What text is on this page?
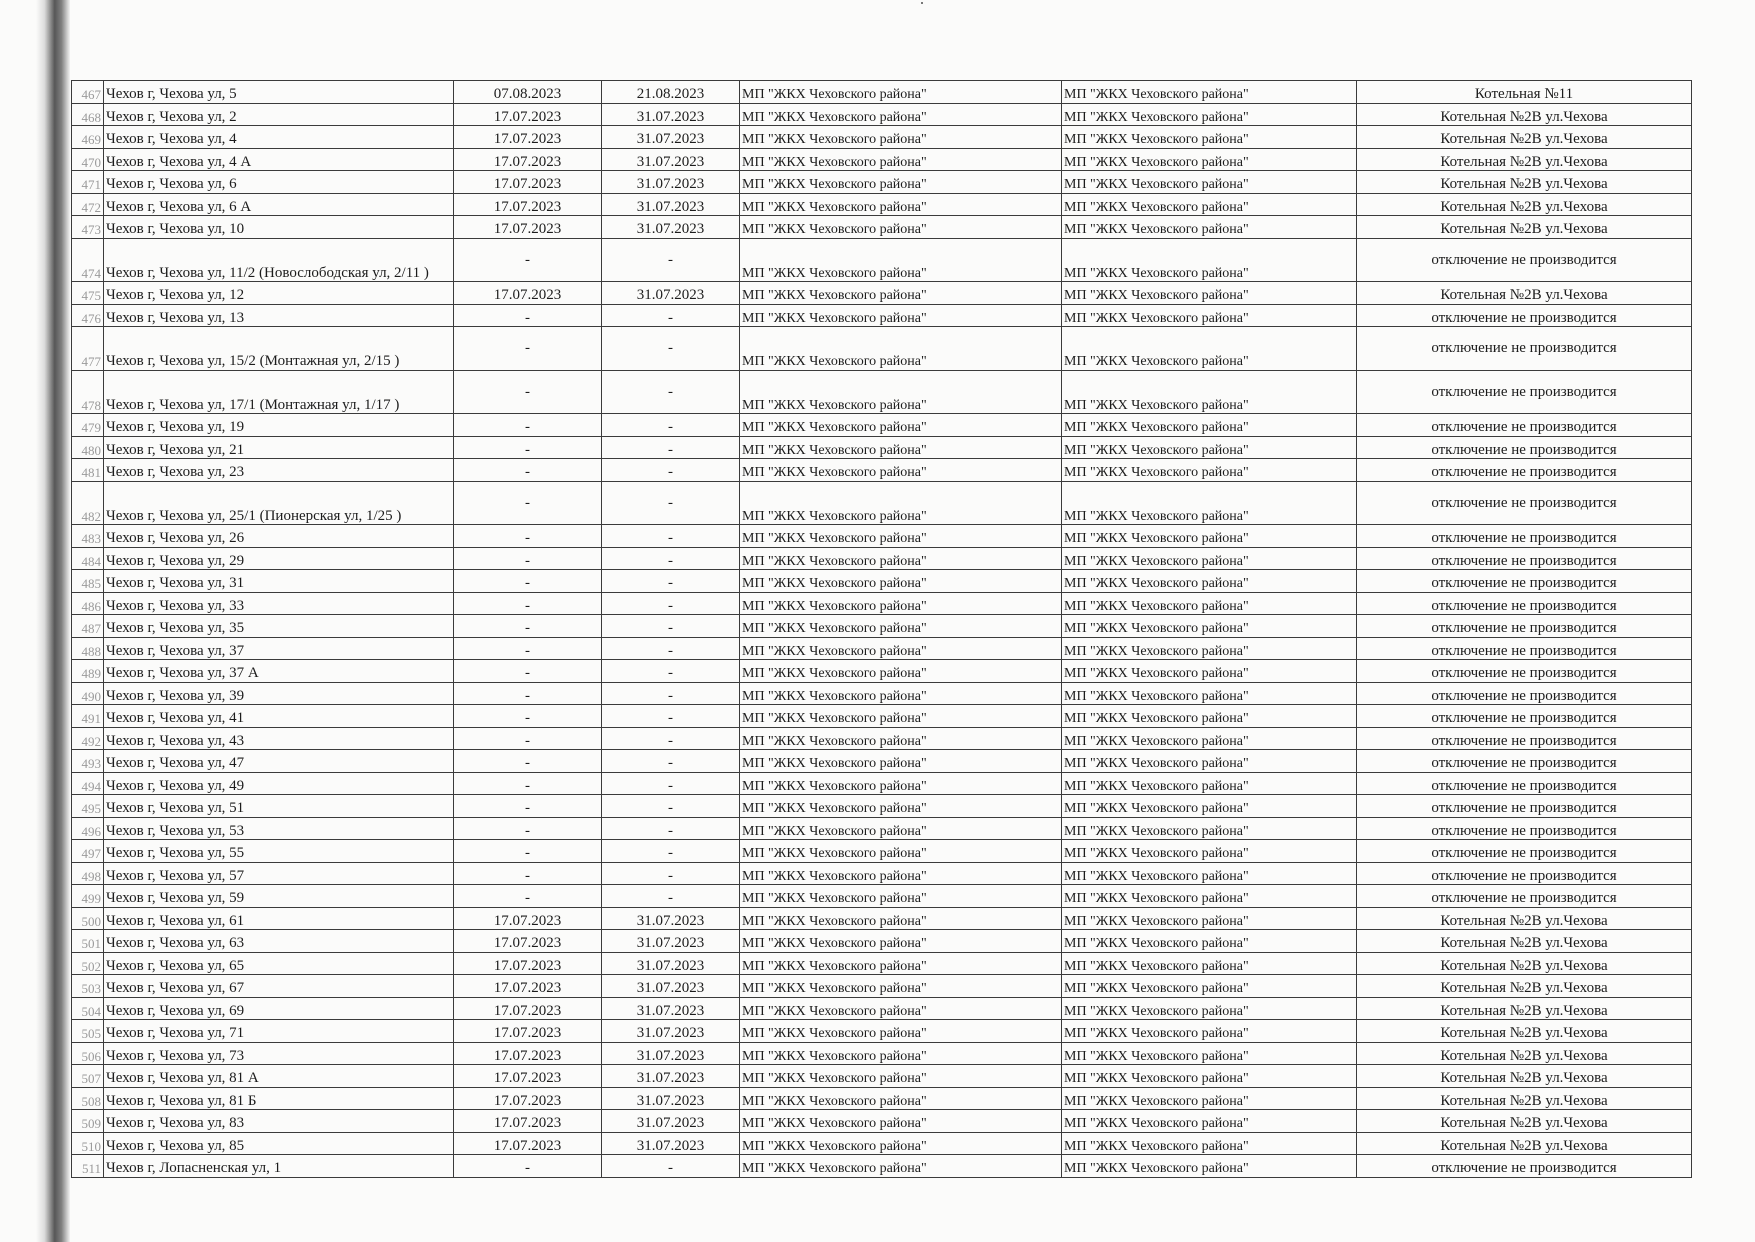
467	Чехов г, Чехова ул, 5	07.08.2023	21.08.2023	МП "ЖКХ Чеховского района"	МП "ЖКХ Чеховского района"	Котельная №11
468	Чехов г, Чехова ул, 2	17.07.2023	31.07.2023	МП "ЖКХ Чеховского района"	МП "ЖКХ Чеховского района"	Котельная №2В ул.Чехова
469	Чехов г, Чехова ул, 4	17.07.2023	31.07.2023	МП "ЖКХ Чеховского района"	МП "ЖКХ Чеховского района"	Котельная №2В ул.Чехова
470	Чехов г, Чехова ул, 4 А	17.07.2023	31.07.2023	МП "ЖКХ Чеховского района"	МП "ЖКХ Чеховского района"	Котельная №2В ул.Чехова
471	Чехов г, Чехова ул, 6	17.07.2023	31.07.2023	МП "ЖКХ Чеховского района"	МП "ЖКХ Чеховского района"	Котельная №2В ул.Чехова
472	Чехов г, Чехова ул, 6 А	17.07.2023	31.07.2023	МП "ЖКХ Чеховского района"	МП "ЖКХ Чеховского района"	Котельная №2В ул.Чехова
473	Чехов г, Чехова ул, 10	17.07.2023	31.07.2023	МП "ЖКХ Чеховского района"	МП "ЖКХ Чеховского района"	Котельная №2В ул.Чехова
474	Чехов г, Чехова ул, 11/2 (Новослободская ул, 2/11 )	-	-	МП "ЖКХ Чеховского района"	МП "ЖКХ Чеховского района"	отключение не производится
475	Чехов г, Чехова ул, 12	17.07.2023	31.07.2023	МП "ЖКХ Чеховского района"	МП "ЖКХ Чеховского района"	Котельная №2В ул.Чехова
476	Чехов г, Чехова ул, 13	-	-	МП "ЖКХ Чеховского района"	МП "ЖКХ Чеховского района"	отключение не производится
477	Чехов г, Чехова ул, 15/2 (Монтажная ул, 2/15 )	-	-	МП "ЖКХ Чеховского района"	МП "ЖКХ Чеховского района"	отключение не производится
478	Чехов г, Чехова ул, 17/1 (Монтажная ул, 1/17 )	-	-	МП "ЖКХ Чеховского района"	МП "ЖКХ Чеховского района"	отключение не производится
479	Чехов г, Чехова ул, 19	-	-	МП "ЖКХ Чеховского района"	МП "ЖКХ Чеховского района"	отключение не производится
480	Чехов г, Чехова ул, 21	-	-	МП "ЖКХ Чеховского района"	МП "ЖКХ Чеховского района"	отключение не производится
481	Чехов г, Чехова ул, 23	-	-	МП "ЖКХ Чеховского района"	МП "ЖКХ Чеховского района"	отключение не производится
482	Чехов г, Чехова ул, 25/1 (Пионерская ул, 1/25 )	-	-	МП "ЖКХ Чеховского района"	МП "ЖКХ Чеховского района"	отключение не производится
483	Чехов г, Чехова ул, 26	-	-	МП "ЖКХ Чеховского района"	МП "ЖКХ Чеховского района"	отключение не производится
484	Чехов г, Чехова ул, 29	-	-	МП "ЖКХ Чеховского района"	МП "ЖКХ Чеховского района"	отключение не производится
485	Чехов г, Чехова ул, 31	-	-	МП "ЖКХ Чеховского района"	МП "ЖКХ Чеховского района"	отключение не производится
486	Чехов г, Чехова ул, 33	-	-	МП "ЖКХ Чеховского района"	МП "ЖКХ Чеховского района"	отключение не производится
487	Чехов г, Чехова ул, 35	-	-	МП "ЖКХ Чеховского района"	МП "ЖКХ Чеховского района"	отключение не производится
488	Чехов г, Чехова ул, 37	-	-	МП "ЖКХ Чеховского района"	МП "ЖКХ Чеховского района"	отключение не производится
489	Чехов г, Чехова ул, 37 А	-	-	МП "ЖКХ Чеховского района"	МП "ЖКХ Чеховского района"	отключение не производится
490	Чехов г, Чехова ул, 39	-	-	МП "ЖКХ Чеховского района"	МП "ЖКХ Чеховского района"	отключение не производится
491	Чехов г, Чехова ул, 41	-	-	МП "ЖКХ Чеховского района"	МП "ЖКХ Чеховского района"	отключение не производится
492	Чехов г, Чехова ул, 43	-	-	МП "ЖКХ Чеховского района"	МП "ЖКХ Чеховского района"	отключение не производится
493	Чехов г, Чехова ул, 47	-	-	МП "ЖКХ Чеховского района"	МП "ЖКХ Чеховского района"	отключение не производится
494	Чехов г, Чехова ул, 49	-	-	МП "ЖКХ Чеховского района"	МП "ЖКХ Чеховского района"	отключение не производится
495	Чехов г, Чехова ул, 51	-	-	МП "ЖКХ Чеховского района"	МП "ЖКХ Чеховского района"	отключение не производится
496	Чехов г, Чехова ул, 53	-	-	МП "ЖКХ Чеховского района"	МП "ЖКХ Чеховского района"	отключение не производится
497	Чехов г, Чехова ул, 55	-	-	МП "ЖКХ Чеховского района"	МП "ЖКХ Чеховского района"	отключение не производится
498	Чехов г, Чехова ул, 57	-	-	МП "ЖКХ Чеховского района"	МП "ЖКХ Чеховского района"	отключение не производится
499	Чехов г, Чехова ул, 59	-	-	МП "ЖКХ Чеховского района"	МП "ЖКХ Чеховского района"	отключение не производится
500	Чехов г, Чехова ул, 61	17.07.2023	31.07.2023	МП "ЖКХ Чеховского района"	МП "ЖКХ Чеховского района"	Котельная №2В ул.Чехова
501	Чехов г, Чехова ул, 63	17.07.2023	31.07.2023	МП "ЖКХ Чеховского района"	МП "ЖКХ Чеховского района"	Котельная №2В ул.Чехова
502	Чехов г, Чехова ул, 65	17.07.2023	31.07.2023	МП "ЖКХ Чеховского района"	МП "ЖКХ Чеховского района"	Котельная №2В ул.Чехова
503	Чехов г, Чехова ул, 67	17.07.2023	31.07.2023	МП "ЖКХ Чеховского района"	МП "ЖКХ Чеховского района"	Котельная №2В ул.Чехова
504	Чехов г, Чехова ул, 69	17.07.2023	31.07.2023	МП "ЖКХ Чеховского района"	МП "ЖКХ Чеховского района"	Котельная №2В ул.Чехова
505	Чехов г, Чехова ул, 71	17.07.2023	31.07.2023	МП "ЖКХ Чеховского района"	МП "ЖКХ Чеховского района"	Котельная №2В ул.Чехова
506	Чехов г, Чехова ул, 73	17.07.2023	31.07.2023	МП "ЖКХ Чеховского района"	МП "ЖКХ Чеховского района"	Котельная №2В ул.Чехова
507	Чехов г, Чехова ул, 81 А	17.07.2023	31.07.2023	МП "ЖКХ Чеховского района"	МП "ЖКХ Чеховского района"	Котельная №2В ул.Чехова
508	Чехов г, Чехова ул, 81 Б	17.07.2023	31.07.2023	МП "ЖКХ Чеховского района"	МП "ЖКХ Чеховского района"	Котельная №2В ул.Чехова
509	Чехов г, Чехова ул, 83	17.07.2023	31.07.2023	МП "ЖКХ Чеховского района"	МП "ЖКХ Чеховского района"	Котельная №2В ул.Чехова
510	Чехов г, Чехова ул, 85	17.07.2023	31.07.2023	МП "ЖКХ Чеховского района"	МП "ЖКХ Чеховского района"	Котельная №2В ул.Чехова
511	Чехов г, Лопасненская ул, 1	-	-	МП "ЖКХ Чеховского района"	МП "ЖКХ Чеховского района"	отключение не производится
